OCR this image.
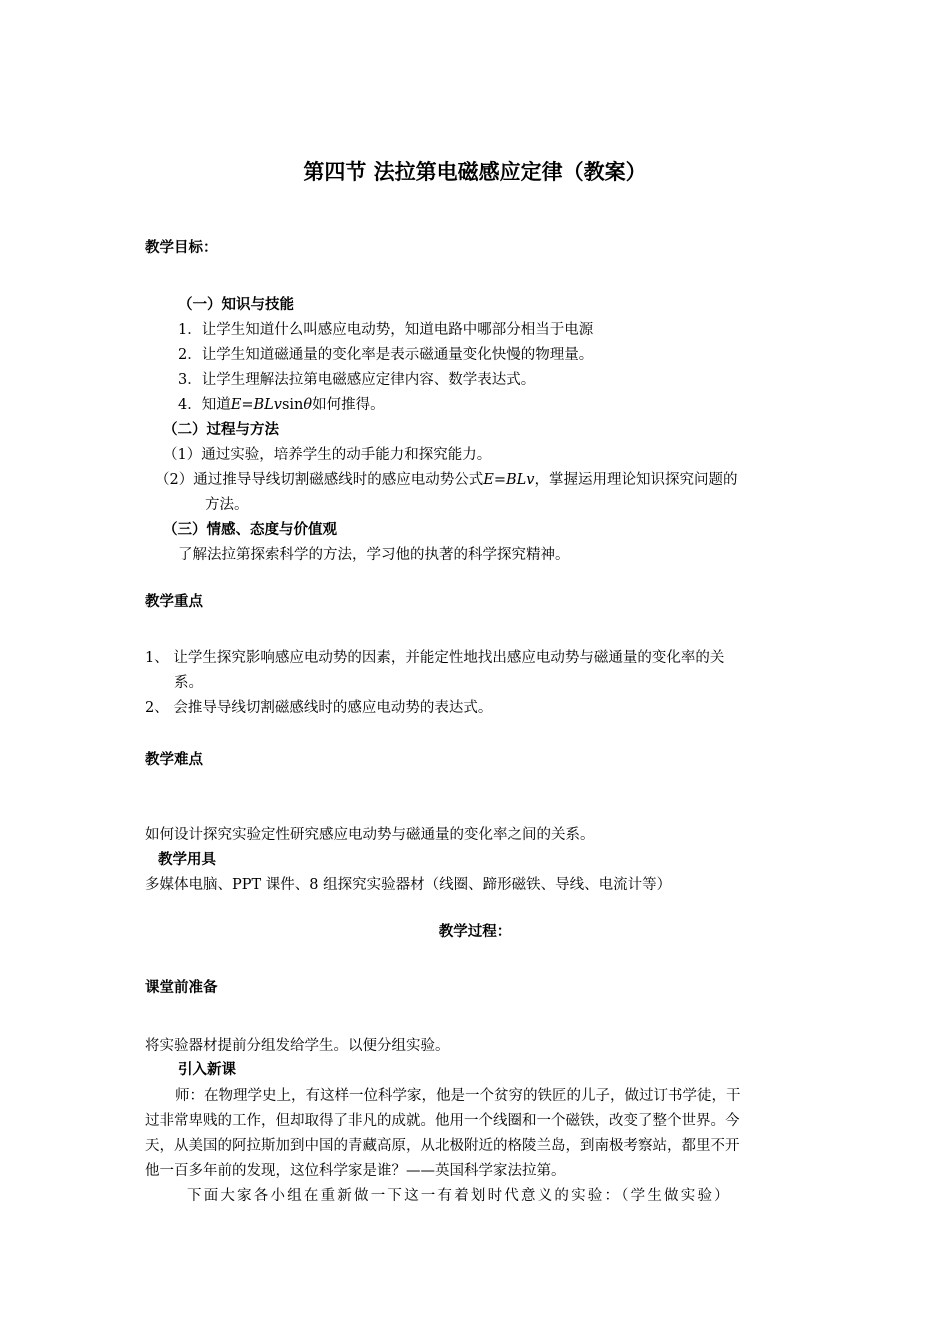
第四节 法拉第电磁感应定律（教案）
教学目标：
（一）知识与技能
1．让学生知道什么叫感应电动势，知道电路中哪部分相当于电源
2．让学生知道磁通量的变化率是表示磁通量变化快慢的物理量。
3．让学生理解法拉第电磁感应定律内容、数学表达式。
4．知道E=BLvsinθ如何推得。
（二）过程与方法
（1）通过实验，培养学生的动手能力和探究能力。
（2）通过推导导线切割磁感线时的感应电动势公式E=BLv，掌握运用理论知识探究问题的
方法。
（三）情感、态度与价值观
了解法拉第探索科学的方法，学习他的执著的科学探究精神。
教学重点
1、 让学生探究影响感应电动势的因素，并能定性地找出感应电动势与磁通量的变化率的关
系。
2、 会推导导线切割磁感线时的感应电动势的表达式。
教学难点
如何设计探究实验定性研究感应电动势与磁通量的变化率之间的关系。
教学用具
多媒体电脑、PPT 课件、8 组探究实验器材（线圈、蹄形磁铁、导线、电流计等）
教学过程：
课堂前准备
将实验器材提前分组发给学生。以便分组实验。
引入新课
师：在物理学史上，有这样一位科学家，他是一个贫穷的铁匠的儿子，做过订书学徒，干
过非常卑贱的工作，但却取得了非凡的成就。他用一个线圈和一个磁铁，改变了整个世界。今
天，从美国的阿拉斯加到中国的青藏高原，从北极附近的格陵兰岛，到南极考察站，都里不开
他一百多年前的发现，这位科学家是谁？——英国科学家法拉第。
下面大家各小组在重新做一下这一有着划时代意义的实验：（学生做实验）
